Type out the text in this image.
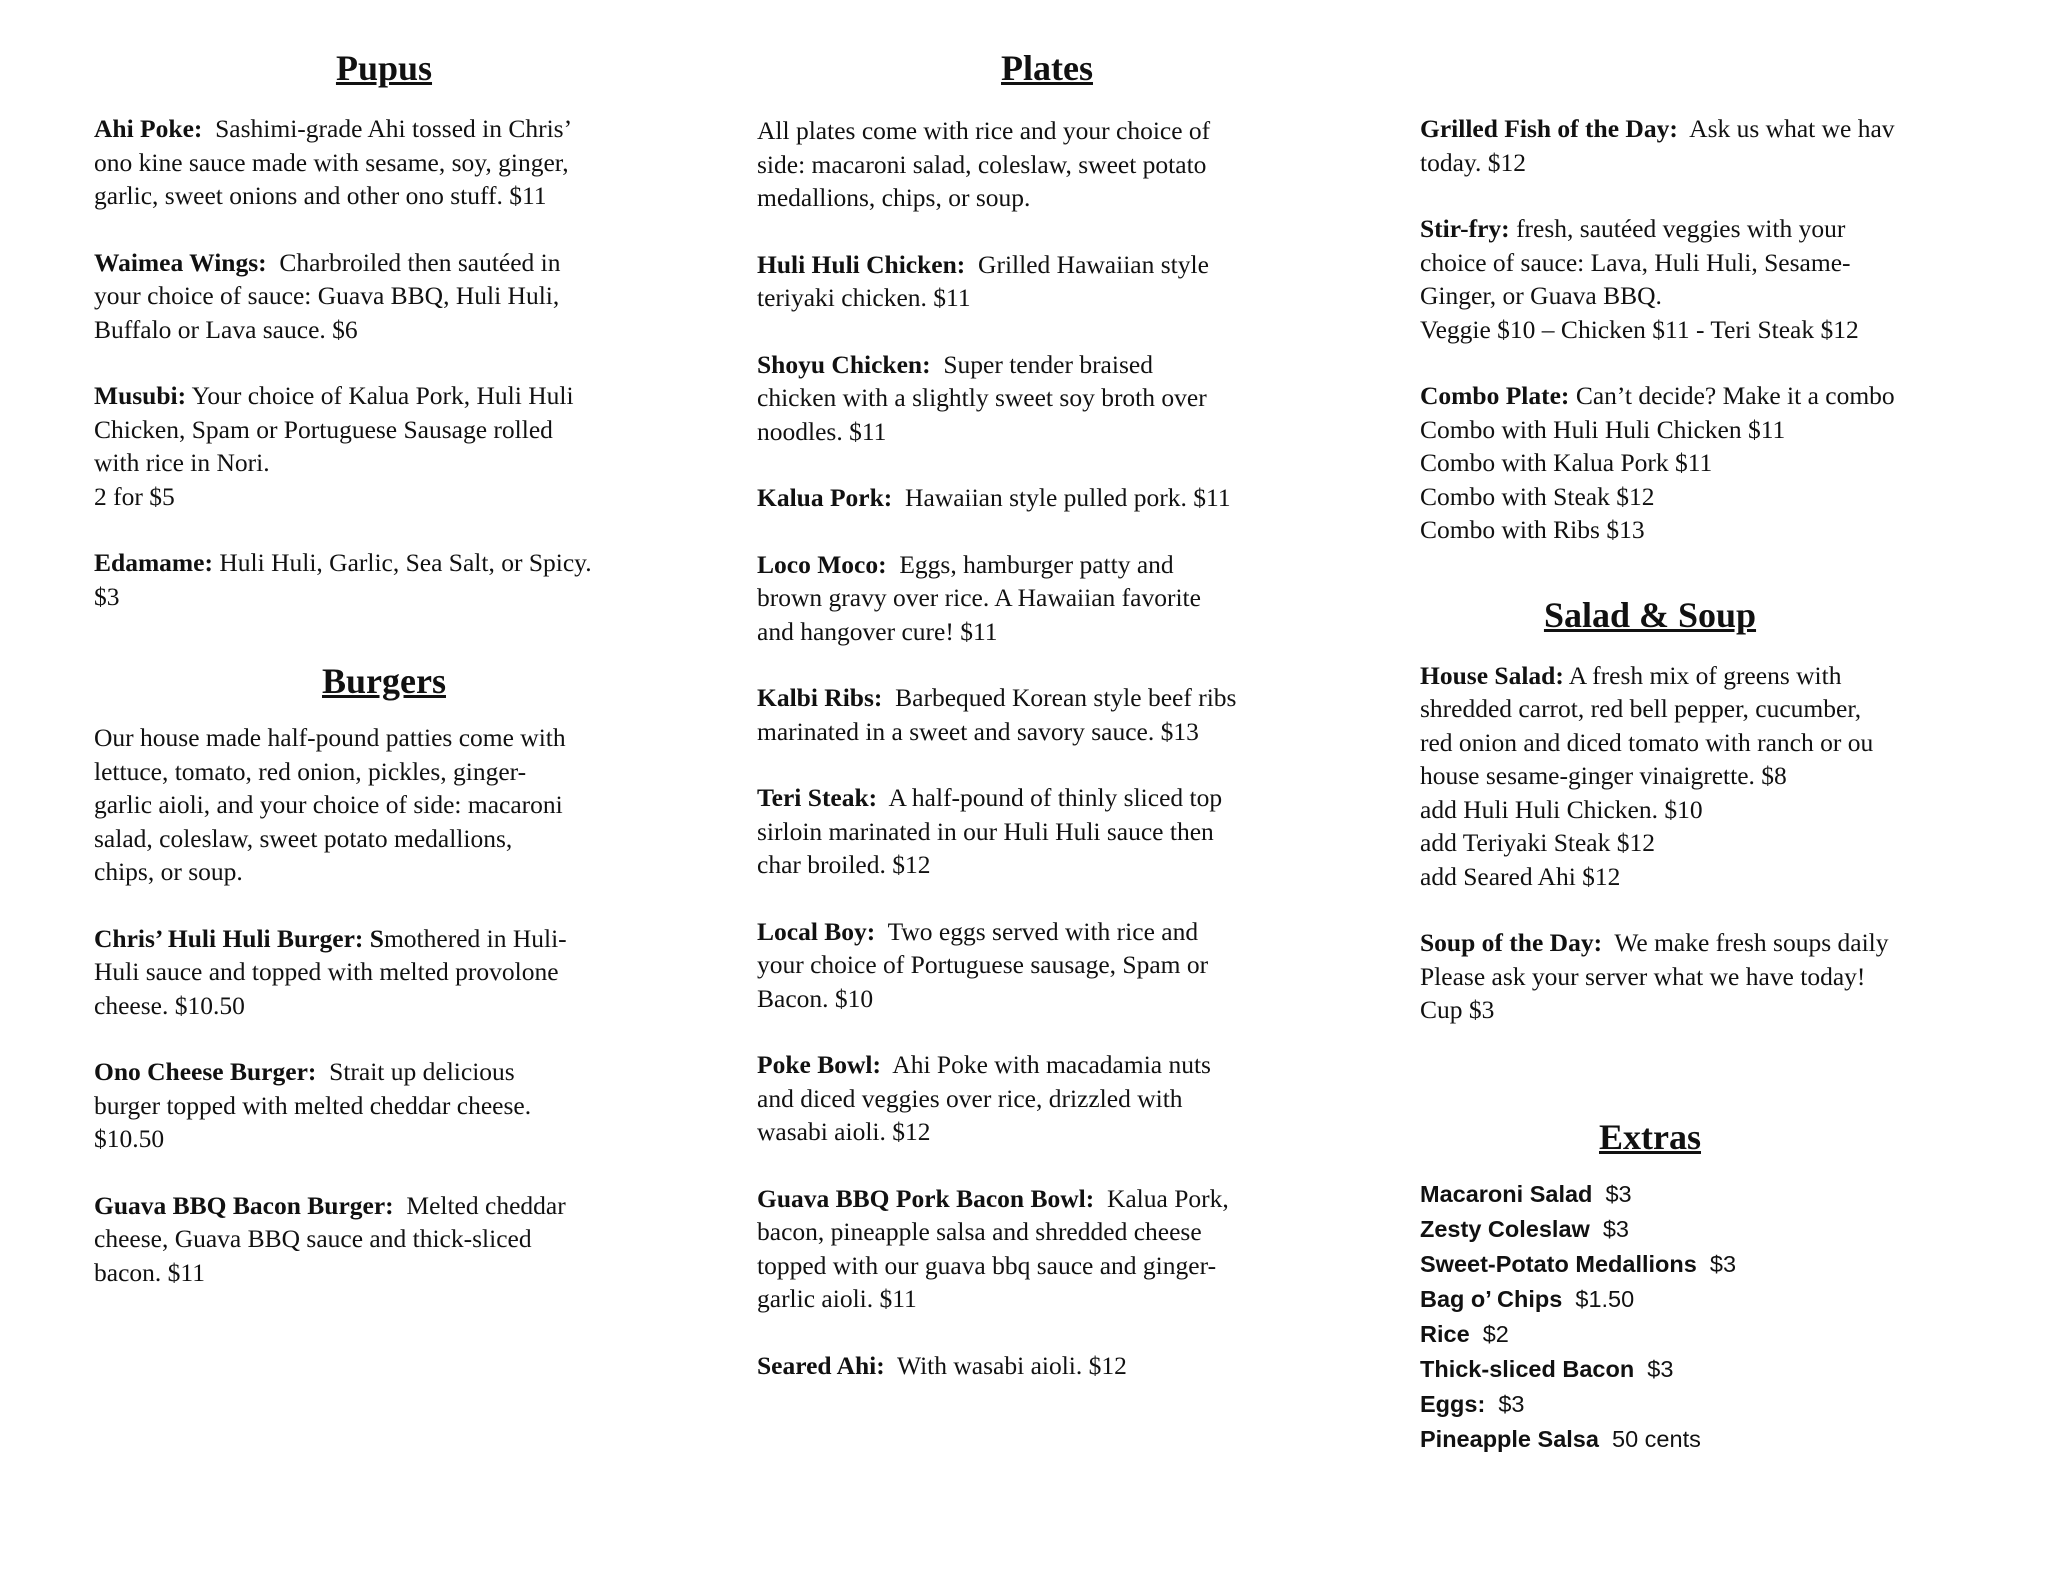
Pupus

Ahi Poke: Sashimi-grade Ahi tossed in Chris’
ono kine sauce made with sesame, soy, ginger,
garlic, sweet onions and other ono stuff. $11

Waimea Wings: Charbroiled then sautéed in
your choice of sauce: Guava BBQ, Huli Huli,
Buffalo or Lava sauce. $6

Musubi: Your choice of Kalua Pork, Huli Huli
Chicken, Spam or Portuguese Sausage rolled
with rice in Nori.
2 for $5

Edamame: Huli Huli, Garlic, Sea Salt, or Spicy.
$3

Burgers

Our house made half-pound patties come with
lettuce, tomato, red onion, pickles, ginger-
garlic aioli, and your choice of side: macaroni
salad, coleslaw, sweet potato medallions,
chips, or soup.

Chris’ Huli Huli Burger: Smothered in Huli-
Huli sauce and topped with melted provolone
cheese. $10.50

Ono Cheese Burger: Strait up delicious
burger topped with melted cheddar cheese.
$10.50

Guava BBQ Bacon Burger: Melted cheddar
cheese, Guava BBQ sauce and thick-sliced
bacon. $11

Plates

All plates come with rice and your choice of
side: macaroni salad, coleslaw, sweet potato
medallions, chips, or soup.

Huli Huli Chicken: Grilled Hawaiian style
teriyaki chicken. $11

Shoyu Chicken: Super tender braised
chicken with a slightly sweet soy broth over
noodles. $11

Kalua Pork: Hawaiian style pulled pork. $11

Loco Moco: Eggs, hamburger patty and
brown gravy over rice. A Hawaiian favorite
and hangover cure! $11

Kalbi Ribs: Barbequed Korean style beef ribs
marinated in a sweet and savory sauce. $13

Teri Steak: A half-pound of thinly sliced top
sirloin marinated in our Huli Huli sauce then
char broiled. $12

Local Boy: Two eggs served with rice and
your choice of Portuguese sausage, Spam or
Bacon. $10

Poke Bowl: Ahi Poke with macadamia nuts
and diced veggies over rice, drizzled with
wasabi aioli. $12

Guava BBQ Pork Bacon Bowl: Kalua Pork,
bacon, pineapple salsa and shredded cheese
topped with our guava bbq sauce and ginger-
garlic aioli. $11

Seared Ahi: With wasabi aioli. $12

Grilled Fish of the Day: Ask us what we hav
today. $12

Stir-fry: fresh, sautéed veggies with your
choice of sauce: Lava, Huli Huli, Sesame-
Ginger, or Guava BBQ.
Veggie $10 – Chicken $11 - Teri Steak $12

Combo Plate: Can’t decide? Make it a combo
Combo with Huli Huli Chicken $11
Combo with Kalua Pork $11
Combo with Steak $12
Combo with Ribs $13

Salad & Soup

House Salad: A fresh mix of greens with
shredded carrot, red bell pepper, cucumber,
red onion and diced tomato with ranch or ou
house sesame-ginger vinaigrette. $8
add Huli Huli Chicken. $10
add Teriyaki Steak $12
add Seared Ahi $12

Soup of the Day: We make fresh soups daily
Please ask your server what we have today!
Cup $3

Extras
Macaroni Salad $3
Zesty Coleslaw $3
Sweet-Potato Medallions $3
Bag o’ Chips $1.50
Rice $2
Thick-sliced Bacon $3
Eggs: $3
Pineapple Salsa 50 cents
